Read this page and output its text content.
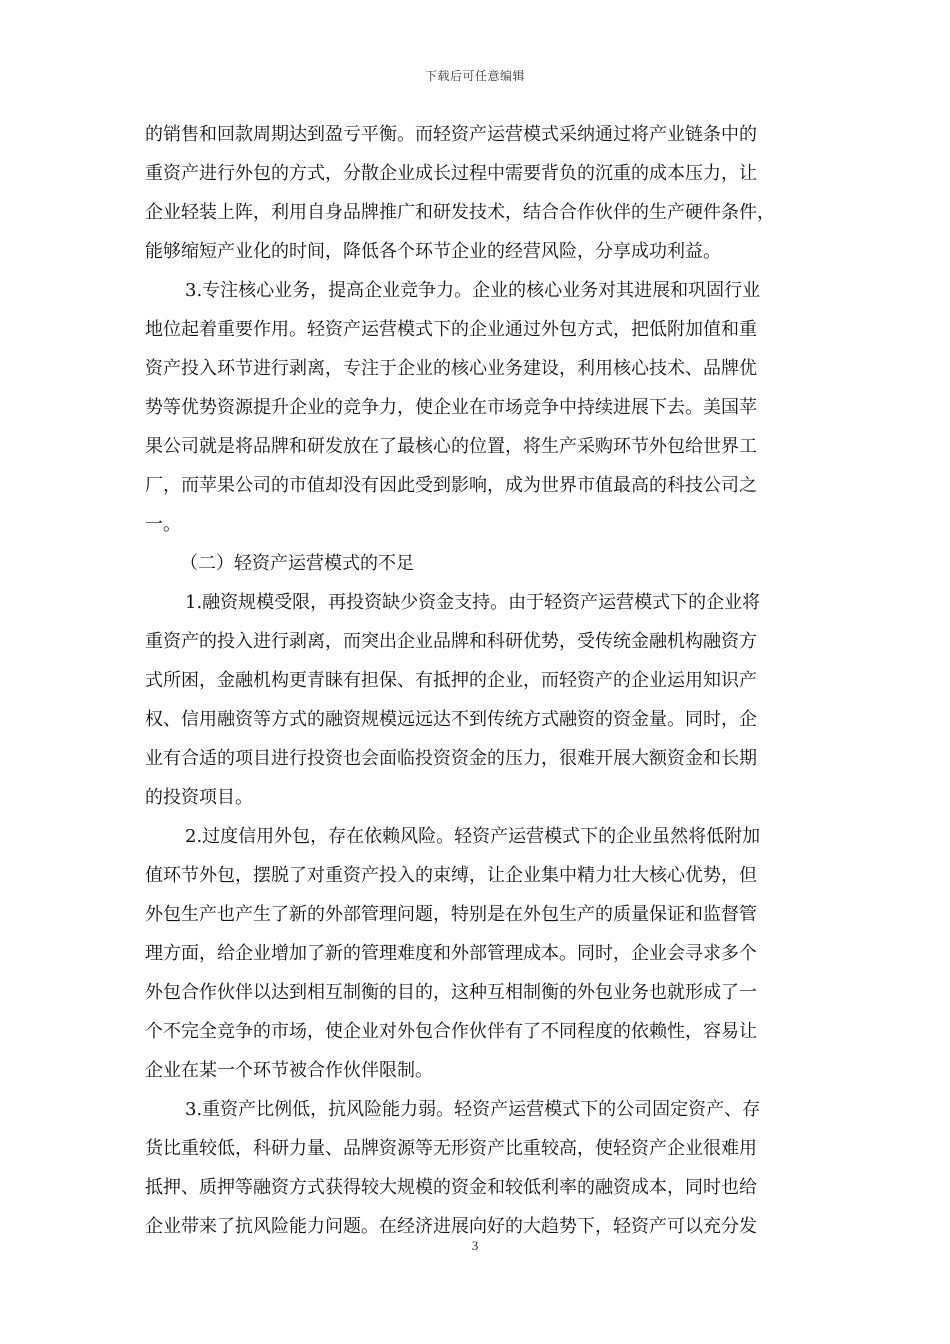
下载后可任意编辑
的销售和回款周期达到盈亏平衡。而轻资产运营模式采纳通过将产业链条中的
重资产进行外包的方式，分散企业成长过程中需要背负的沉重的成本压力，让
企业轻装上阵，利用自身品牌推广和研发技术，结合合作伙伴的生产硬件条件，
能够缩短产业化的时间，降低各个环节企业的经营风险，分享成功利益。
3.专注核心业务，提高企业竞争力。企业的核心业务对其进展和巩固行业
地位起着重要作用。轻资产运营模式下的企业通过外包方式，把低附加值和重
资产投入环节进行剥离，专注于企业的核心业务建设，利用核心技术、品牌优
势等优势资源提升企业的竞争力，使企业在市场竞争中持续进展下去。美国苹
果公司就是将品牌和研发放在了最核心的位置，将生产采购环节外包给世界工
厂，而苹果公司的市值却没有因此受到影响，成为世界市值最高的科技公司之
一。
（二）轻资产运营模式的不足
1.融资规模受限，再投资缺少资金支持。由于轻资产运营模式下的企业将
重资产的投入进行剥离，而突出企业品牌和科研优势，受传统金融机构融资方
式所困，金融机构更青睐有担保、有抵押的企业，而轻资产的企业运用知识产
权、信用融资等方式的融资规模远远达不到传统方式融资的资金量。同时，企
业有合适的项目进行投资也会面临投资资金的压力，很难开展大额资金和长期
的投资项目。
2.过度信用外包，存在依赖风险。轻资产运营模式下的企业虽然将低附加
值环节外包，摆脱了对重资产投入的束缚，让企业集中精力壮大核心优势，但
外包生产也产生了新的外部管理问题，特别是在外包生产的质量保证和监督管
理方面，给企业增加了新的管理难度和外部管理成本。同时，企业会寻求多个
外包合作伙伴以达到相互制衡的目的，这种互相制衡的外包业务也就形成了一
个不完全竞争的市场，使企业对外包合作伙伴有了不同程度的依赖性，容易让
企业在某一个环节被合作伙伴限制。
3.重资产比例低，抗风险能力弱。轻资产运营模式下的公司固定资产、存
货比重较低，科研力量、品牌资源等无形资产比重较高，使轻资产企业很难用
抵押、质押等融资方式获得较大规模的资金和较低利率的融资成本，同时也给
企业带来了抗风险能力问题。在经济进展向好的大趋势下，轻资产可以充分发
3
